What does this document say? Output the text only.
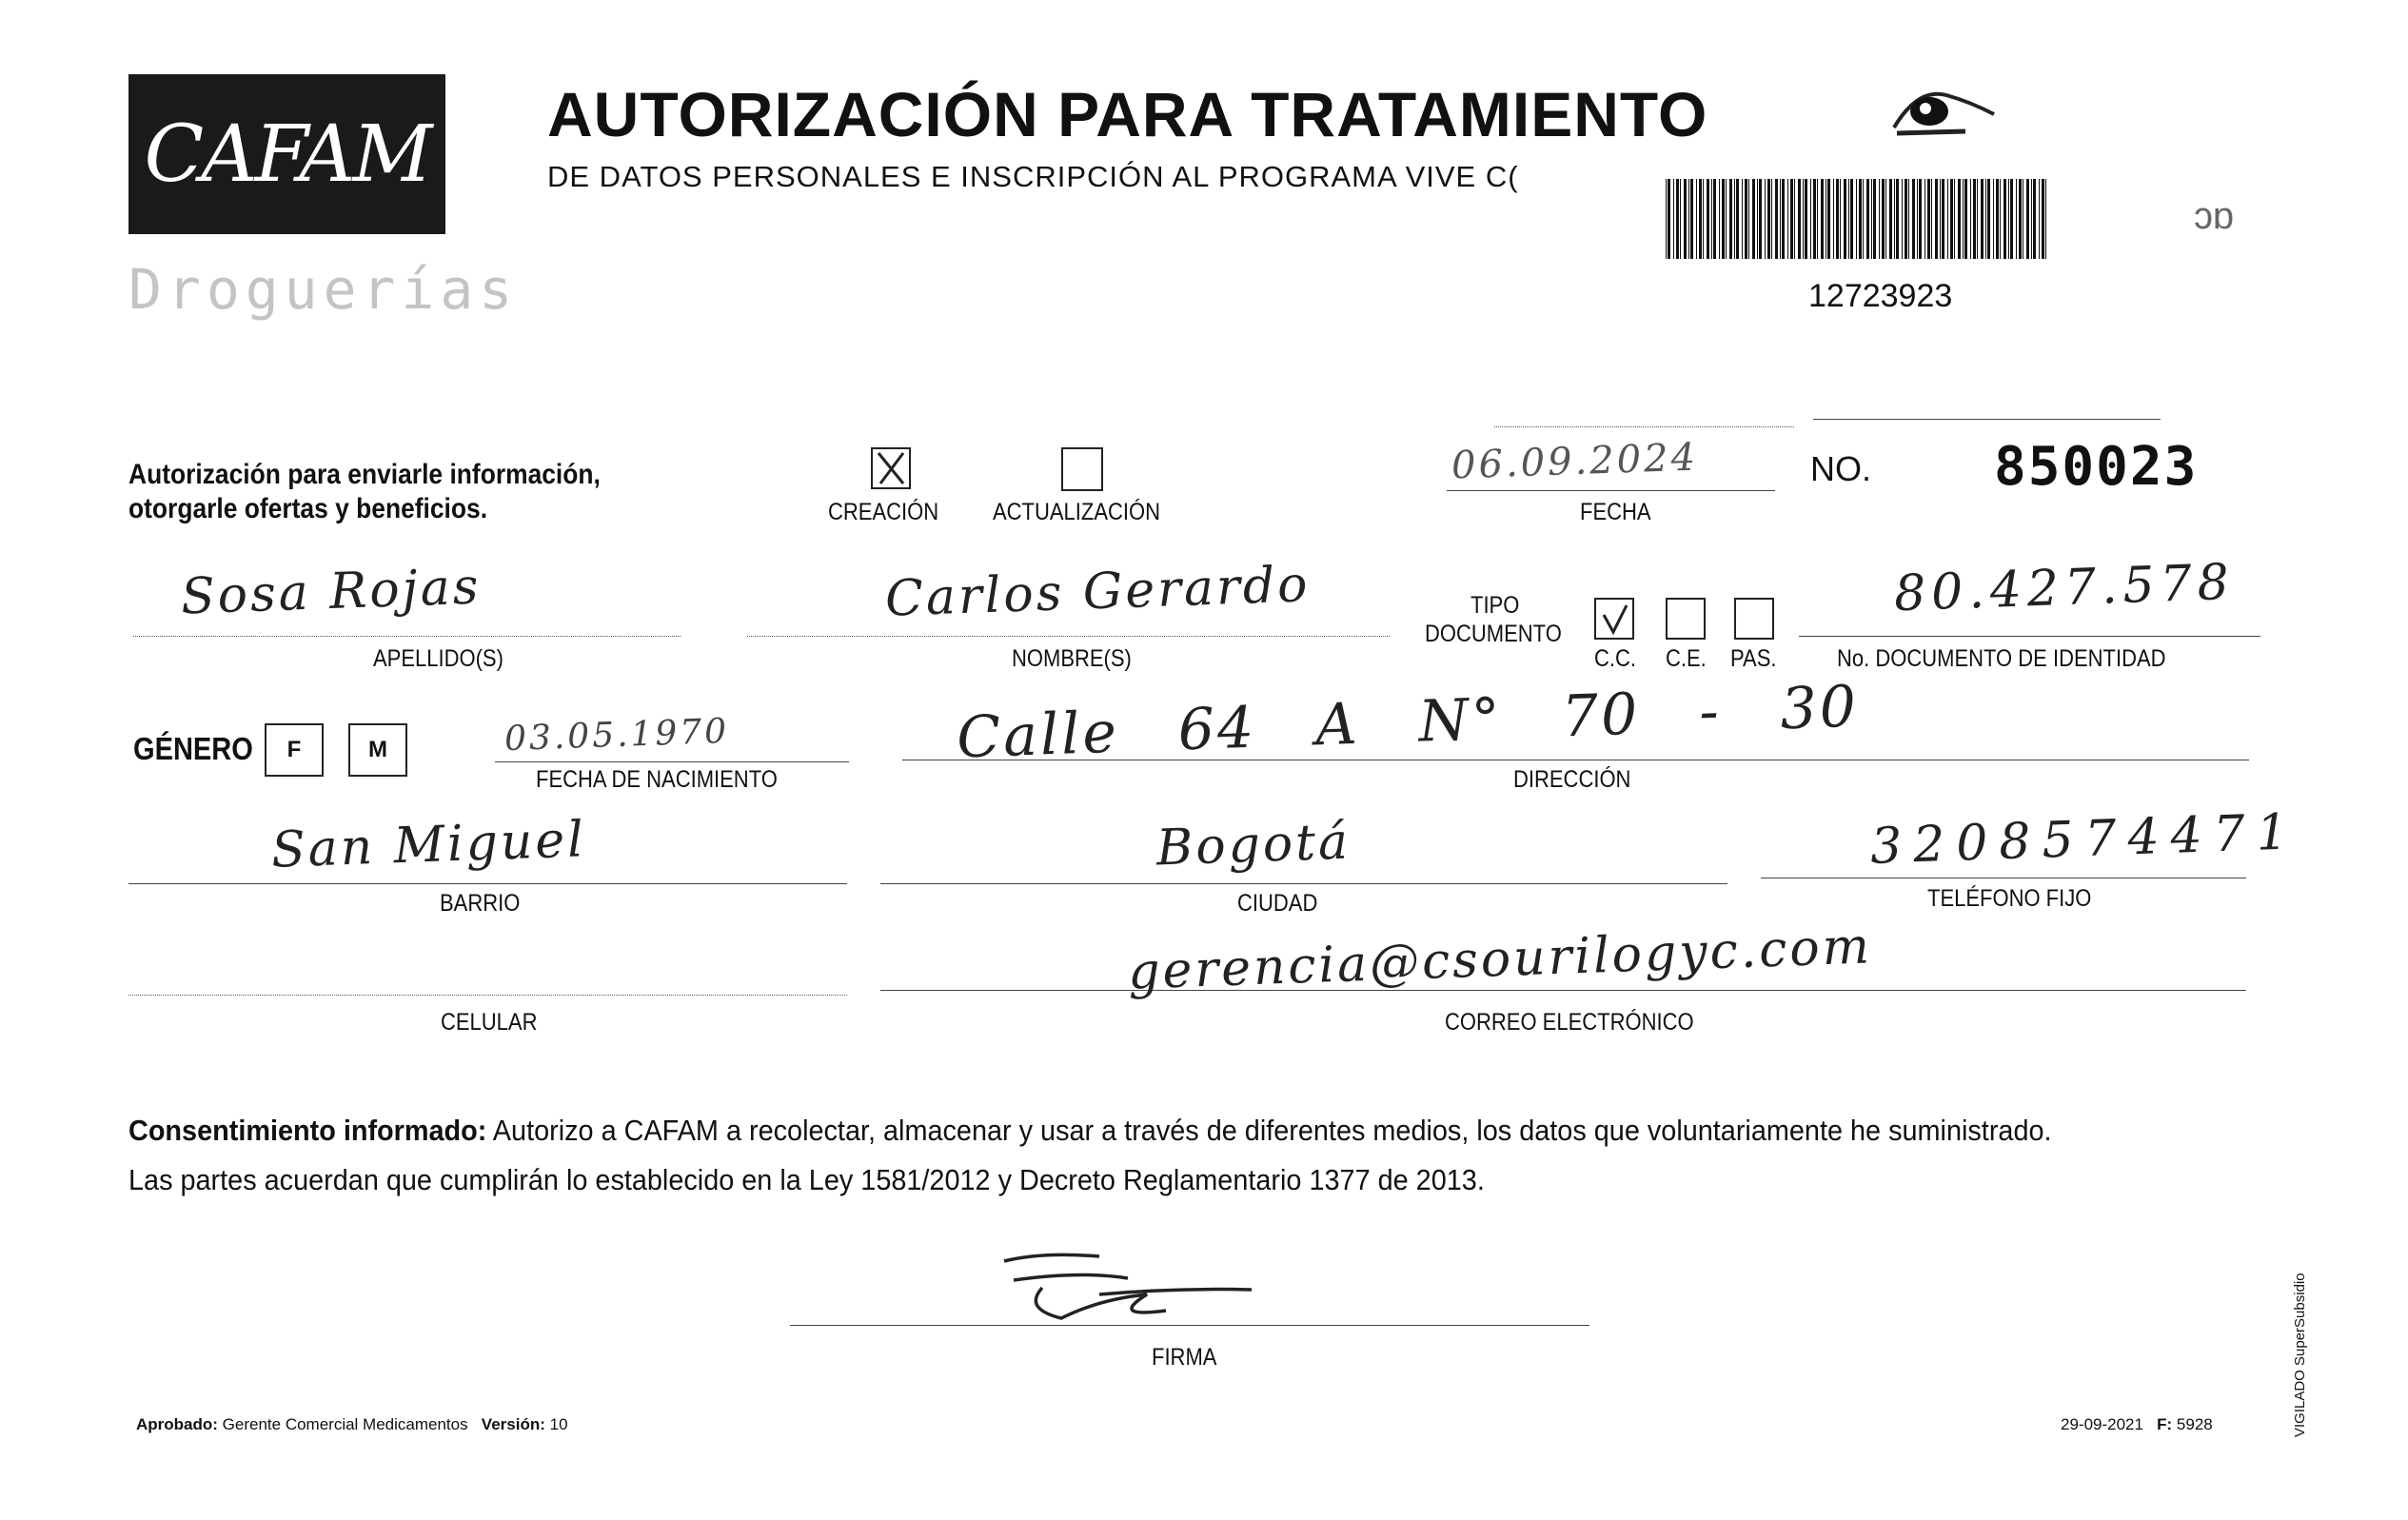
CAFAM
Droguerías
AUTORIZACIÓN PARA TRATAMIENTO
DE DATOS PERSONALES E INSCRIPCIÓN AL PROGRAMA VIVE C(
12723923
ɔɒ
Autorización para enviarle información,
otorgarle ofertas y beneficios.	CREACIÓN ACTUALIZACIÓN
06.09.2024
FECHA
NO. 850023
Sosa Rojas
APELLIDO(S)
Carlos Gerardo
NOMBRE(S)
TIPO
DOCUMENTO
C.C. C.E. PAS.
80.427.578
No. DOCUMENTO DE IDENTIDAD
GÉNERO F	M	03.05.1970
FECHA DE NACIMIENTO
Calle 64 A N° 70 - 30
DIRECCIÓN
San Miguel
BARRIO
Bogotá
CIUDAD
3208574471
TELÉFONO FIJO
CELULAR
gerencia@csourilogyc.com
CORREO ELECTRÓNICO
Consentimiento informado: Autorizo a CAFAM a recolectar, almacenar y usar a través de diferentes medios, los datos que voluntariamente he suministrado.
Las partes acuerdan que cumplirán lo establecido en la Ley 1581/2012 y Decreto Reglamentario 1377 de 2013.
FIRMA
Aprobado: Gerente Comercial Medicamentos Versión: 10	29-09-2021 F: 5928	VIGILADO SuperSubsidio
